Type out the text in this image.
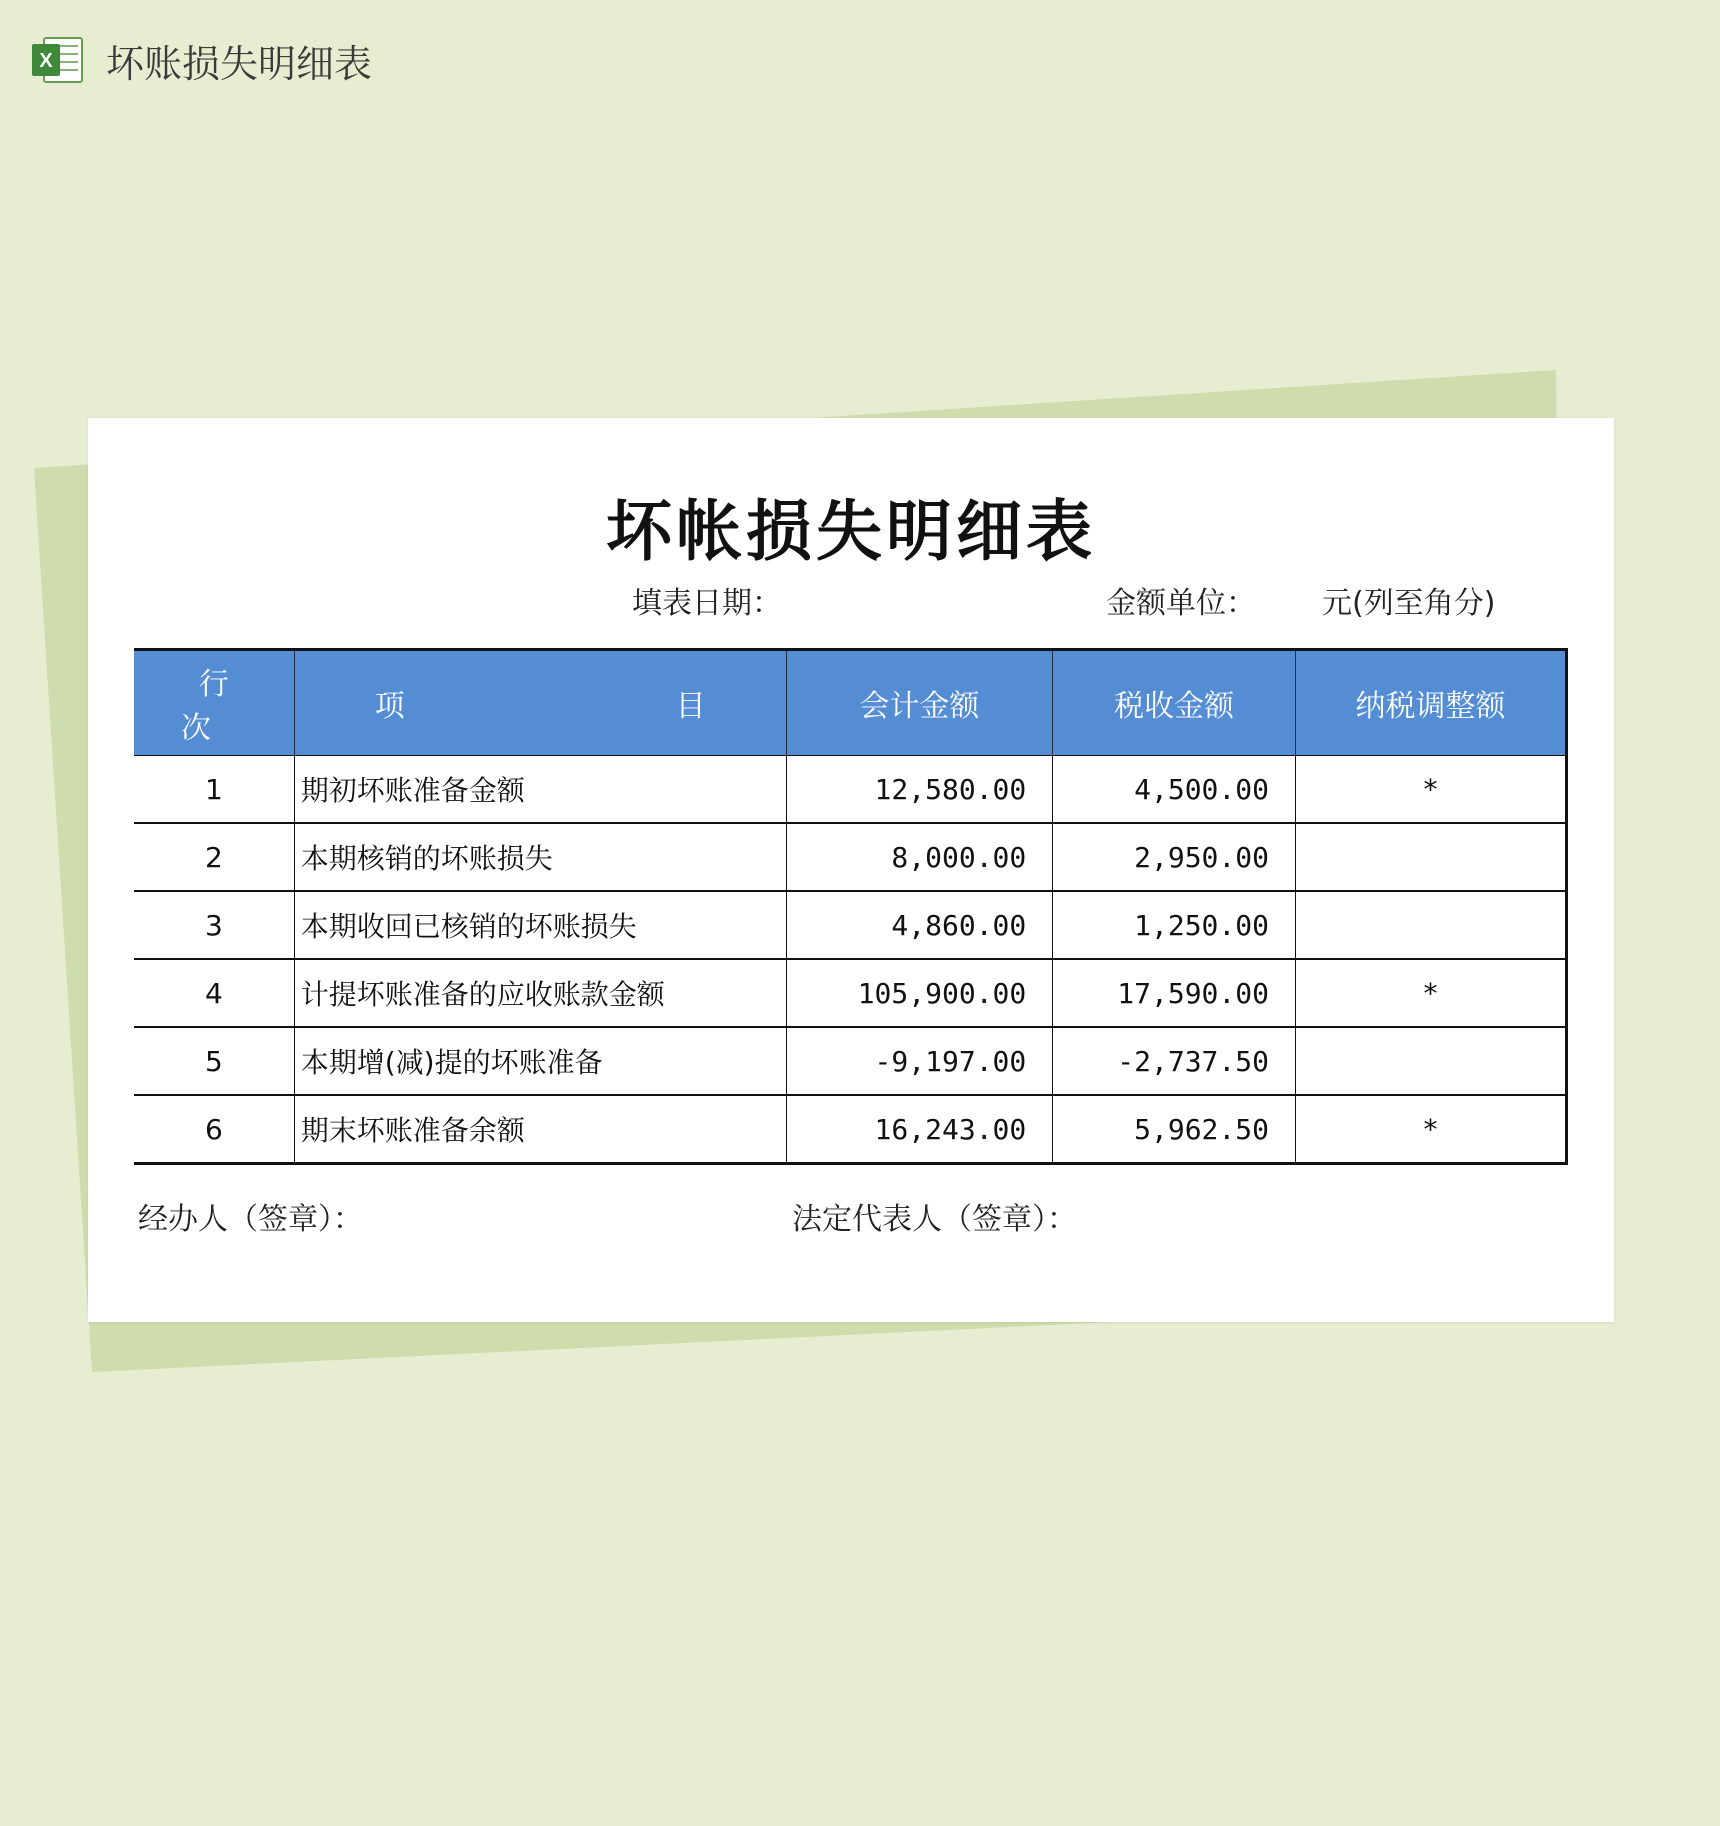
X 坏账损失明细表
坏帐损失明细表
填表日期：	金额单位： 元(列至角分)
行次	项 目	会计金额	税收金额	纳税调整额
1	期初坏账准备金额	12,580.00	4,500.00	*
2	本期核销的坏账损失	8,000.00	2,950.00	
3	本期收回已核销的坏账损失	4,860.00	1,250.00	
4	计提坏账准备的应收账款金额	105,900.00	17,590.00	*
5	本期增(减)提的坏账准备	-9,197.00	-2,737.50	
6	期末坏账准备余额	16,243.00	5,962.50	*
经办人（签章）：	法定代表人（签章）：
